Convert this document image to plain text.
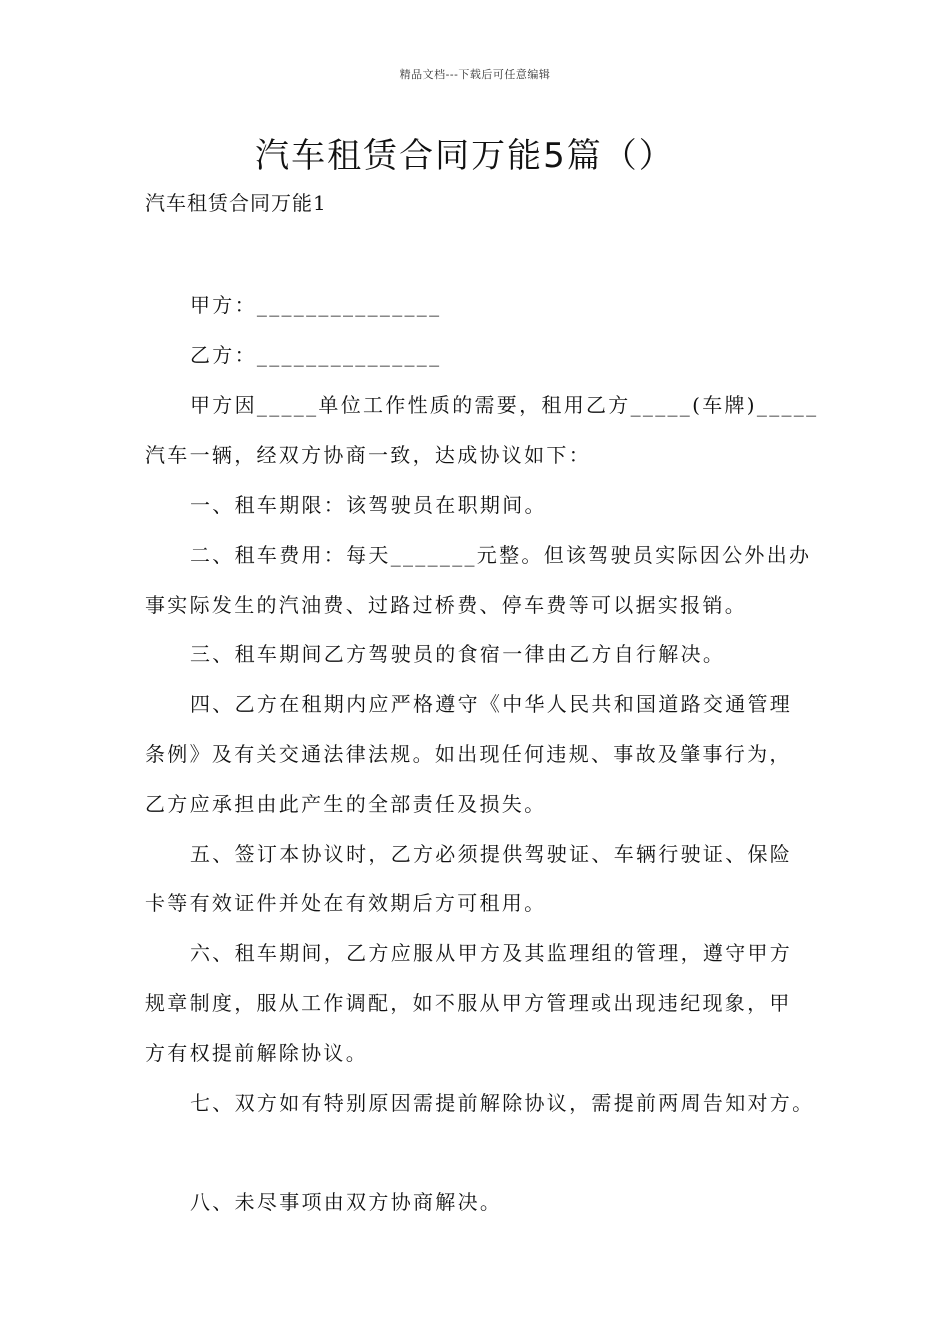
精品文档---下载后可任意编辑
汽车租赁合同万能5篇（）
汽车租赁合同万能1
甲方：_______________
乙方：_______________
甲方因_____单位工作性质的需要，租用乙方_____(车牌)_____
汽车一辆，经双方协商一致，达成协议如下：
一、租车期限：该驾驶员在职期间。
二、租车费用：每天_______元整。但该驾驶员实际因公外出办
事实际发生的汽油费、过路过桥费、停车费等可以据实报销。
三、租车期间乙方驾驶员的食宿一律由乙方自行解决。
四、乙方在租期内应严格遵守《中华人民共和国道路交通管理
条例》及有关交通法律法规。如出现任何违规、事故及肇事行为，
乙方应承担由此产生的全部责任及损失。
五、签订本协议时，乙方必须提供驾驶证、车辆行驶证、保险
卡等有效证件并处在有效期后方可租用。
六、租车期间，乙方应服从甲方及其监理组的管理，遵守甲方
规章制度，服从工作调配，如不服从甲方管理或出现违纪现象，甲
方有权提前解除协议。
七、双方如有特别原因需提前解除协议，需提前两周告知对方。
八、未尽事项由双方协商解决。
